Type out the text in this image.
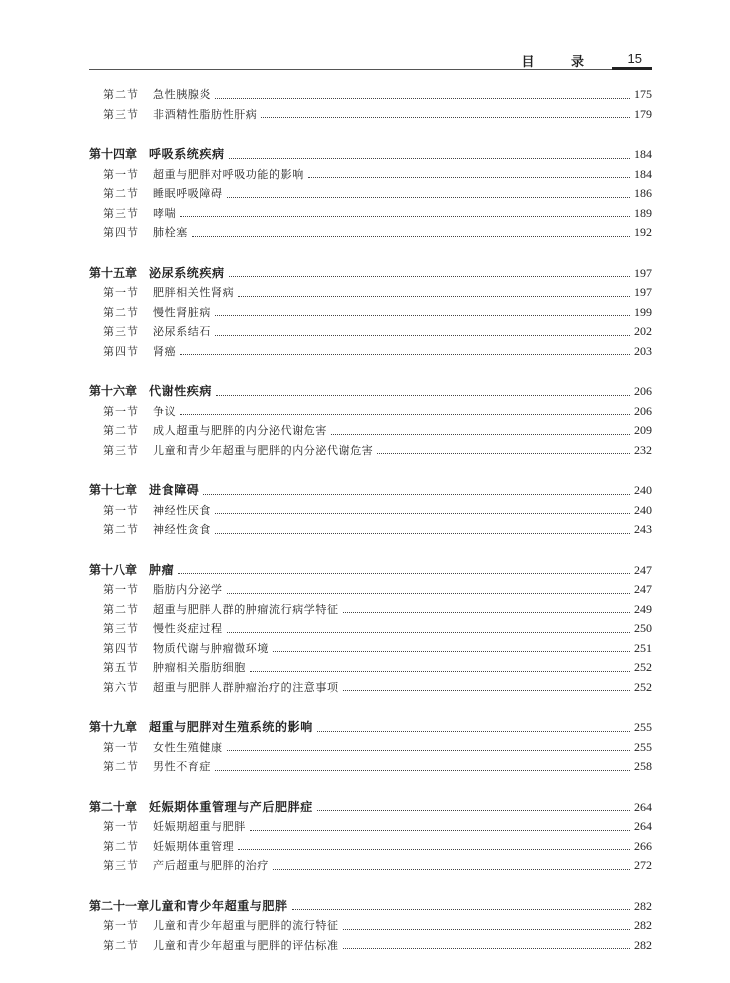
目 录 15
第二节	急性胰腺炎	175
第三节	非酒精性脂肪性肝病	179
第十四章 呼吸系统疾病	184
第一节	超重与肥胖对呼吸功能的影响	184
第二节	睡眠呼吸障碍	186
第三节	哮喘	189
第四节	肺栓塞	192
第十五章 泌尿系统疾病	197
第一节	肥胖相关性肾病	197
第二节	慢性肾脏病	199
第三节	泌尿系结石	202
第四节	肾癌	203
第十六章 代谢性疾病	206
第一节	争议	206
第二节	成人超重与肥胖的内分泌代谢危害	209
第三节	儿童和青少年超重与肥胖的内分泌代谢危害	232
第十七章 进食障碍	240
第一节	神经性厌食	240
第二节	神经性贪食	243
第十八章 肿瘤	247
第一节	脂肪内分泌学	247
第二节	超重与肥胖人群的肿瘤流行病学特征	249
第三节	慢性炎症过程	250
第四节	物质代谢与肿瘤微环境	251
第五节	肿瘤相关脂肪细胞	252
第六节	超重与肥胖人群肿瘤治疗的注意事项	252
第十九章 超重与肥胖对生殖系统的影响	255
第一节	女性生殖健康	255
第二节	男性不育症	258
第二十章 妊娠期体重管理与产后肥胖症	264
第一节	妊娠期超重与肥胖	264
第二节	妊娠期体重管理	266
第三节	产后超重与肥胖的治疗	272
第二十一章 儿童和青少年超重与肥胖	282
第一节	儿童和青少年超重与肥胖的流行特征	282
第二节	儿童和青少年超重与肥胖的评估标准	282
